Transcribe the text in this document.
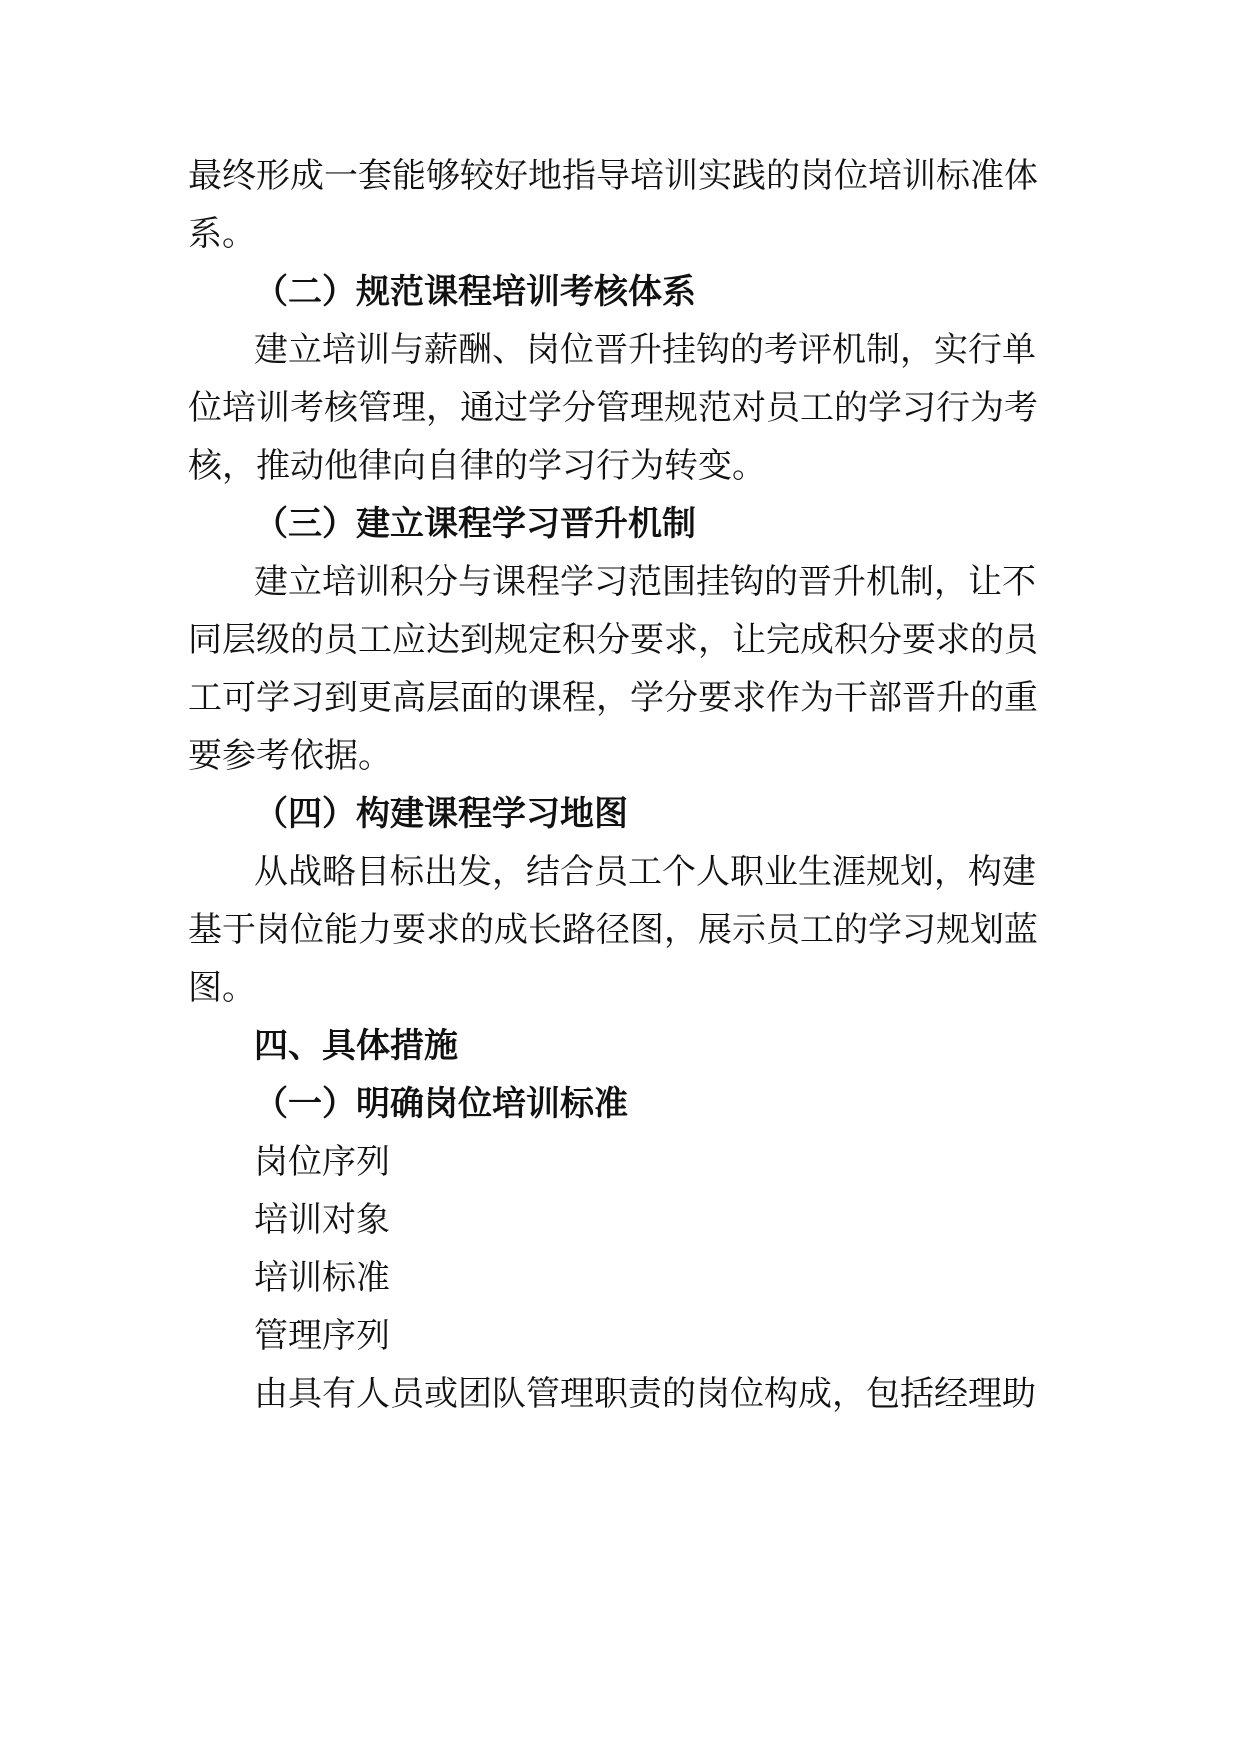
最终形成一套能够较好地指导培训实践的岗位培训标准体
系。
（二）规范课程培训考核体系
建立培训与薪酬、岗位晋升挂钩的考评机制，实行单
位培训考核管理，通过学分管理规范对员工的学习行为考
核，推动他律向自律的学习行为转变。
（三）建立课程学习晋升机制
建立培训积分与课程学习范围挂钩的晋升机制，让不
同层级的员工应达到规定积分要求，让完成积分要求的员
工可学习到更高层面的课程，学分要求作为干部晋升的重
要参考依据。
（四）构建课程学习地图
从战略目标出发，结合员工个人职业生涯规划，构建
基于岗位能力要求的成长路径图，展示员工的学习规划蓝
图。
四、具体措施
（一）明确岗位培训标准
岗位序列
培训对象
培训标准
管理序列
由具有人员或团队管理职责的岗位构成，包括经理助
